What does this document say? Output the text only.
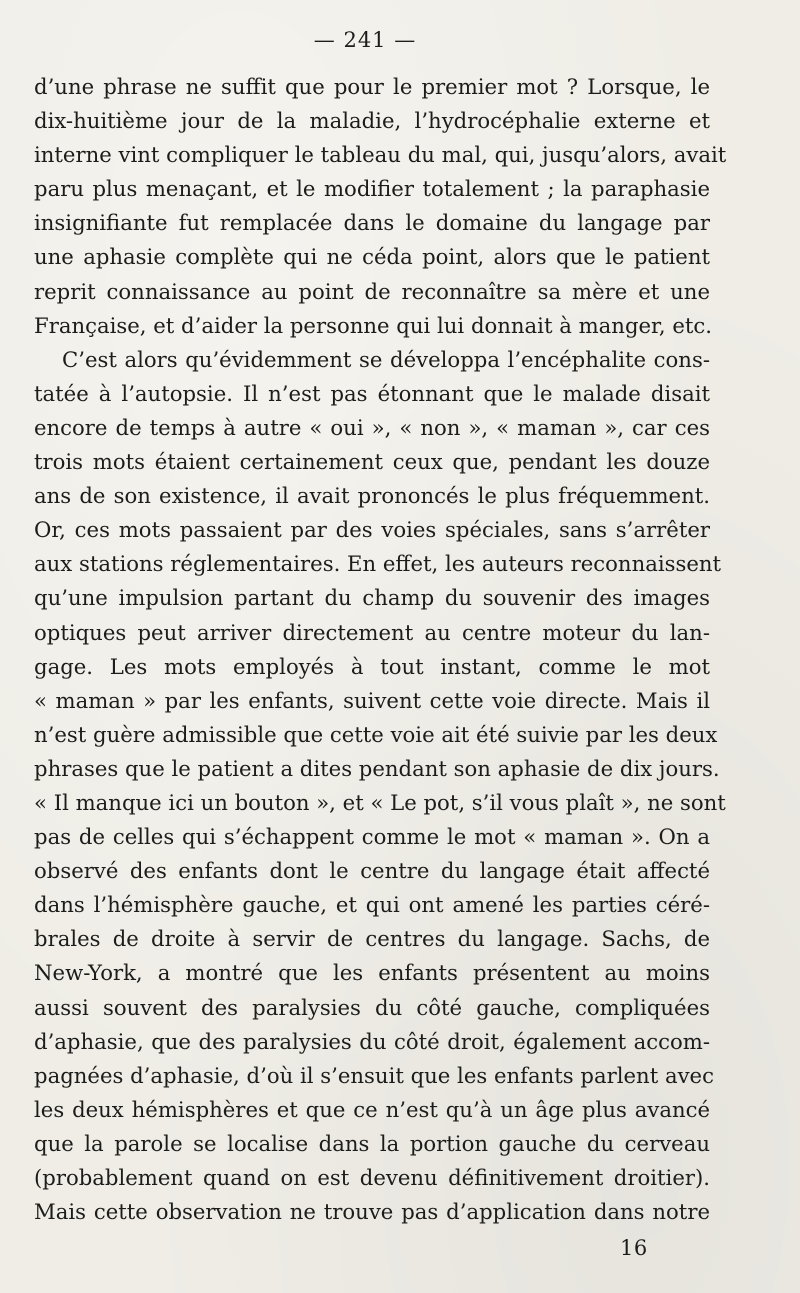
— 241 —
d’une phrase ne suffit que pour le premier mot ? Lorsque, le
dix-huitième jour de la maladie, l’hydrocéphalie externe et
interne vint compliquer le tableau du mal, qui, jusqu’alors, avait
paru plus menaçant, et le modifier totalement ; la paraphasie
insignifiante fut remplacée dans le domaine du langage par
une aphasie complète qui ne céda point, alors que le patient
reprit connaissance au point de reconnaître sa mère et une
Française, et d’aider la personne qui lui donnait à manger, etc.
C’est alors qu’évidemment se développa l’encéphalite cons-
tatée à l’autopsie. Il n’est pas étonnant que le malade disait
encore de temps à autre « oui », « non », « maman », car ces
trois mots étaient certainement ceux que, pendant les douze
ans de son existence, il avait prononcés le plus fréquemment.
Or, ces mots passaient par des voies spéciales, sans s’arrêter
aux stations réglementaires. En effet, les auteurs reconnaissent
qu’une impulsion partant du champ du souvenir des images
optiques peut arriver directement au centre moteur du lan-
gage. Les mots employés à tout instant, comme le mot
« maman » par les enfants, suivent cette voie directe. Mais il
n’est guère admissible que cette voie ait été suivie par les deux
phrases que le patient a dites pendant son aphasie de dix jours.
« Il manque ici un bouton », et « Le pot, s’il vous plaît », ne sont
pas de celles qui s’échappent comme le mot « maman ». On a
observé des enfants dont le centre du langage était affecté
dans l’hémisphère gauche, et qui ont amené les parties céré-
brales de droite à servir de centres du langage. Sachs, de
New-York, a montré que les enfants présentent au moins
aussi souvent des paralysies du côté gauche, compliquées
d’aphasie, que des paralysies du côté droit, également accom-
pagnées d’aphasie, d’où il s’ensuit que les enfants parlent avec
les deux hémisphères et que ce n’est qu’à un âge plus avancé
que la parole se localise dans la portion gauche du cerveau
(probablement quand on est devenu définitivement droitier).
Mais cette observation ne trouve pas d’application dans notre
16
